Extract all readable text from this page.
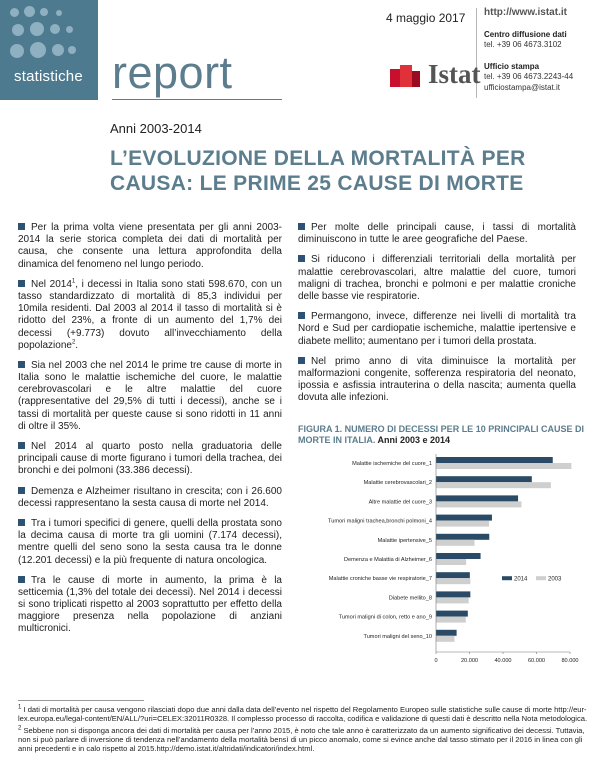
statistiche report
4 maggio 2017 http://www.istat.it
Centro diffusione dati
tel. +39 06 4673.3102
Ufficio stampa
tel. +39 06 4673.2243-44
ufficiostampa@istat.it
Istat
Anni 2003-2014
L’EVOLUZIONE DELLA MORTALITÀ PER
CAUSA: LE PRIME 25 CAUSE DI MORTE
Per la prima volta viene presentata per gli anni 2003-2014 la serie storica completa dei dati di mortalità per causa, che consente una lettura approfondita della dinamica del fenomeno nel lungo periodo.
Nel 2014$^1$, i decessi in Italia sono stati 598.670, con un tasso standardizzato di mortalità di 85,3 individui per 10mila residenti. Dal 2003 al 2014 il tasso di mortalità si è ridotto del 23%, a fronte di un aumento del 1,7% dei decessi (+9.773) dovuto all’invecchiamento della popolazione$^2$.
Sia nel 2003 che nel 2014 le prime tre cause di morte in Italia sono le malattie ischemiche del cuore, le malattie cerebrovascolari e le altre malattie del cuore (rappresentative del 29,5% di tutti i decessi), anche se i tassi di mortalità per queste cause si sono ridotti in 11 anni di oltre il 35%.
Nel 2014 al quarto posto nella graduatoria delle principali cause di morte figurano i tumori della trachea, dei bronchi e dei polmoni (33.386 decessi).
Demenza e Alzheimer risultano in crescita; con i 26.600 decessi rappresentano la sesta causa di morte nel 2014.
Tra i tumori specifici di genere, quelli della prostata sono la decima causa di morte tra gli uomini (7.174 decessi), mentre quelli del seno sono la sesta causa tra le donne (12.201 decessi) e la più frequente di natura oncologica.
Tra le cause di morte in aumento, la prima è la setticemia (1,3% del totale dei decessi). Nel 2014 i decessi si sono triplicati rispetto al 2003 soprattutto per effetto della maggiore presenza nella popolazione di anziani multicronici.
Per molte delle principali cause, i tassi di mortalità diminuiscono in tutte le aree geografiche del Paese.
Si riducono i differenziali territoriali della mortalità per malattie cerebrovascolari, altre malattie del cuore, tumori maligni di trachea, bronchi e polmoni e per malattie croniche delle basse vie respiratorie.
Permangono, invece, differenze nei livelli di mortalità tra Nord e Sud per cardiopatie ischemiche, malattie ipertensive e diabete mellito; aumentano per i tumori della prostata.
Nel primo anno di vita diminuisce la mortalità per malformazioni congenite, sofferenza respiratoria del neonato, ipossia e asfissia intrauterina o della nascita; aumenta quella dovuta alle infezioni.
FIGURA 1. NUMERO DI DECESSI PER LE 10 PRINCIPALI CAUSE DI MORTE IN ITALIA. Anni 2003 e 2014
Malattie ischemiche del cuore_1
Malattie cerebrovascolari_2
Altre malattie del cuore_3
Tumori maligni trachea,bronchi polmoni_4
Malattie ipertensive_5
Demenza e Malattia di Alzheimer_6
Malattie croniche basse vie respiratorie_7
Diabete mellito_8
Tumori maligni di colon, retto e ano_9
Tumori maligni del seno_10
0	20.000	40.000	60.000	80.000
2014	2003

$^1$ I dati di mortalità per causa vengono rilasciati dopo due anni dalla data dell’evento nel rispetto del Regolamento Europeo sulle statistiche sulle cause di morte http://eur-lex.europa.eu/legal-content/EN/ALL/?uri=CELEX:32011R0328. Il complesso processo di raccolta, codifica e validazione di questi dati è descritto nella Nota metodologica.

$^2$ Sebbene non si disponga ancora dei dati di mortalità per causa per l’anno 2015, è noto che tale anno è caratterizzato da un aumento significativo dei decessi. Tuttavia, non si può parlare di inversione di tendenza nell’andamento della mortalità bensì di un picco anomalo, come si evince anche dal tasso stimato per il 2016 in linea con gli anni precedenti e in calo rispetto al 2015.http://demo.istat.it/altridati/indicatori/index.html.
